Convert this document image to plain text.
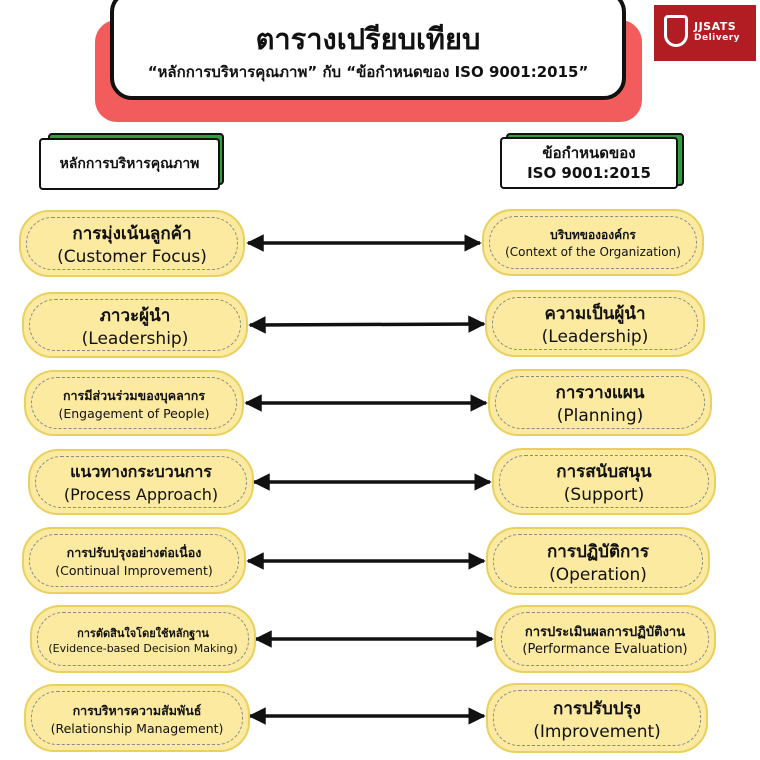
ตารางเปรียบเทียบ
“หลักการบริหารคุณภาพ” กับ “ข้อกำหนดของ ISO 9001:2015”
JJSATS
Delivery
หลักการบริหารคุณภาพ
ข้อกำหนดของ
ISO 9001:2015
การมุ่งเน้นลูกค้า
(Customer Focus)
บริบทขององค์กร
(Context of the Organization)
ภาวะผู้นำ
(Leadership)
ความเป็นผู้นำ
(Leadership)
การมีส่วนร่วมของบุคลากร
(Engagement of People)
การวางแผน
(Planning)
แนวทางกระบวนการ
(Process Approach)
การสนับสนุน
(Support)
การปรับปรุงอย่างต่อเนื่อง
(Continual Improvement)
การปฏิบัติการ
(Operation)
การตัดสินใจโดยใช้หลักฐาน
(Evidence-based Decision Making)
การประเมินผลการปฏิบัติงาน
(Performance Evaluation)
การบริหารความสัมพันธ์
(Relationship Management)
การปรับปรุง
(Improvement)
